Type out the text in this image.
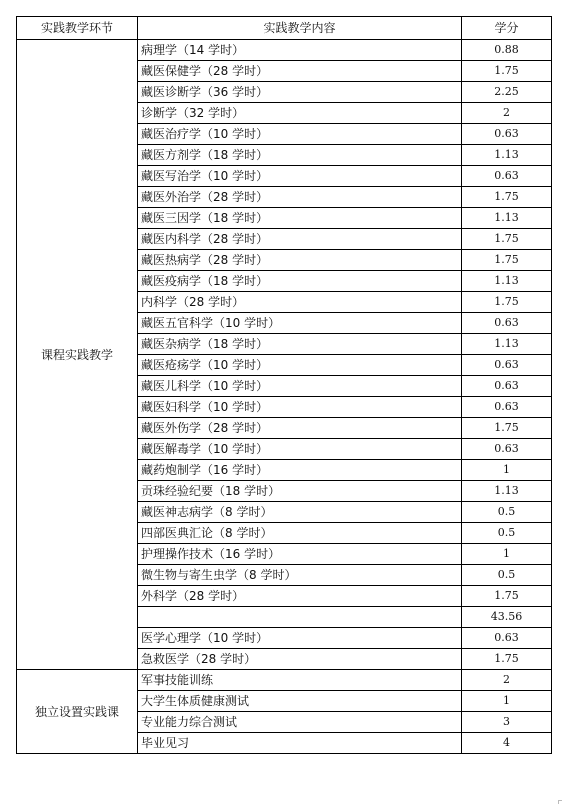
实践教学环节	实践教学内容	学分
课程实践教学	病理学（14 学时）	0.88
	藏医保健学（28 学时）	1.75
	藏医诊断学（36 学时）	2.25
	诊断学（32 学时）	2
	藏医治疗学（10 学时）	0.63
	藏医方剂学（18 学时）	1.13
	藏医写治学（10 学时）	0.63
	藏医外治学（28 学时）	1.75
	藏医三因学（18 学时）	1.13
	藏医内科学（28 学时）	1.75
	藏医热病学（28 学时）	1.75
	藏医疫病学（18 学时）	1.13
	内科学（28 学时）	1.75
	藏医五官科学（10 学时）	0.63
	藏医杂病学（18 学时）	1.13
	藏医疮疡学（10 学时）	0.63
	藏医儿科学（10 学时）	0.63
	藏医妇科学（10 学时）	0.63
	藏医外伤学（28 学时）	1.75
	藏医解毒学（10 学时）	0.63
	藏药炮制学（16 学时）	1
	贡珠经验纪要（18 学时）	1.13
	藏医神志病学（8 学时）	0.5
	四部医典汇论（8 学时）	0.5
	护理操作技术（16 学时）	1
	微生物与寄生虫学（8 学时）	0.5
	外科学（28 学时）	1.75
		43.56
	医学心理学（10 学时）	0.63
	急救医学（28 学时）	1.75
独立设置实践课	军事技能训练	2
	大学生体质健康测试	1
	专业能力综合测试	3
	毕业见习	4
